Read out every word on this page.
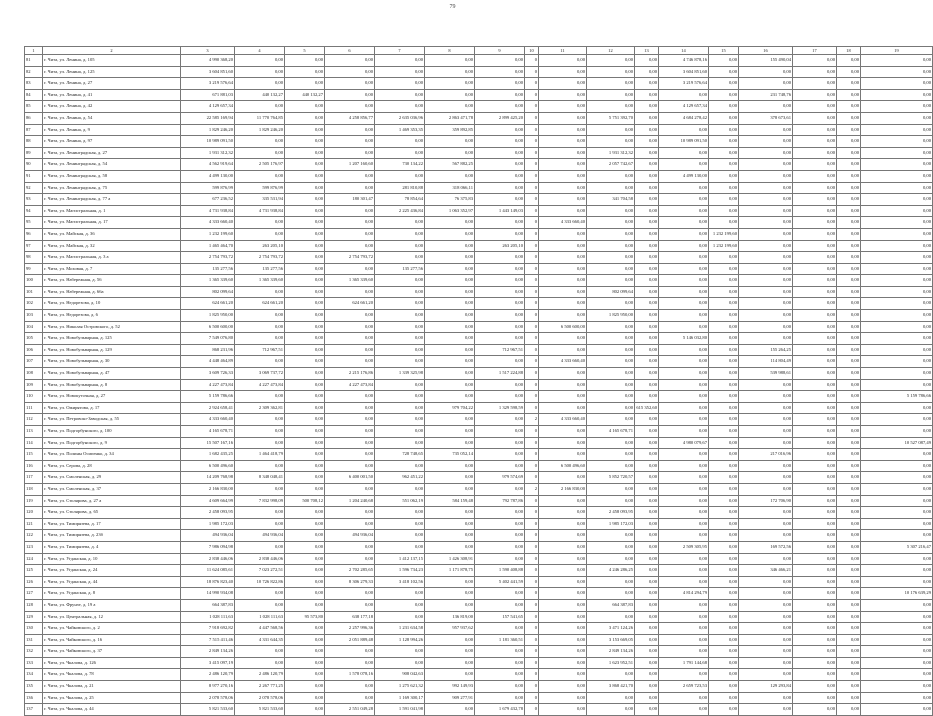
79
1	2	3	4	5	6	7	8	9	10	11	12	13	14	15	16	17	18	19
81	г. Чита, ул. Ленина, д. 105	4 990 368,20	0,00	0,00	0,00	0,00	0,00	0,00	0	0,00	0,00	0,00	4 746 878,16	0,00	155 490,04	0,00	0,00	0,00
82	г. Чита, ул. Ленина, д. 125	3 604 851,60	0,00	0,00	0,00	0,00	0,00	0,00	0	0,00	0,00	0,00	3 604 851,60	0,00	0,00	0,00	0,00	0,00
83	г. Чита, ул. Ленина, д. 27	3 219 576,64	0,00	0,00	0,00	0,00	0,00	0,00	0	0,00	0,00	0,00	3 219 576,64	0,00	0,00	0,00	0,00	0,00
84	г. Чита, ул. Ленина, д. 41	671 881,03	440 132,27	440 132,27	0,00	0,00	0,00	0,00	0	0,00	0,00	0,00	0,00	0,00	231 748,76	0,00	0,00	0,00
85	г. Чита, ул. Ленина, д. 42	4 129 657,34	0,00	0,00	0,00	0,00	0,00	0,00	0	0,00	0,00	0,00	4 129 657,34	0,00	0,00	0,00	0,00	0,00
86	г. Чита, ул. Ленина, д. 54	22 585 169,94	11 770 764,85	0,00	4 258 856,77	2 635 036,96	2 863 471,78	2 899 425,20	0	0,00	5 751 392,70	0,00	4 684 278,42	0,00	378 673,61	0,00	0,00	0,00
87	г. Чита, ул. Ленина, д. 9	1 829 246,20	1 829 246,20	0,00	0,00	1 469 353,35	359 892,85	0,00	0	0,00	0,00	0,00	0,00	0,00	0,00	0,00	0,00	0,00
88	г. Чита, ул. Ленина, д. 97	10 989 091,50	0,00	0,00	0,00	0,00	0,00	0,00	0	0,00	0,00	0,00	10 989 091,50	0,00	0,00	0,00	0,00	0,00
89	г. Чита, ул. Ленинградская, д. 27	1 931 312,32	0,00	0,00	0,00	0,00	0,00	0,00	0	0,00	1 931 312,32	0,00	0,00	0,00	0,00	0,00	0,00	0,00
90	г. Чита, ул. Ленинградская, д. 54	4 562 919,64	2 505 176,97	0,00	1 207 160,60	730 134,22	567 882,25	0,00	0	0,00	2 057 742,67	0,00	0,00	0,00	0,00	0,00	0,00	0,00
91	г. Чита, ул. Ленинградская, д. 58	4 499 130,00	0,00	0,00	0,00	0,00	0,00	0,00	0	0,00	0,00	0,00	4 499 130,00	0,00	0,00	0,00	0,00	0,00
92	г. Чита, ул. Ленинградская, д. 75	599 876,99	599 876,99	0,00	0,00	281 810,88	318 066,11	0,00	0	0,00	0,00	0,00	0,00	0,00	0,00	0,00	0,00	0,00
93	г. Чита, ул. Ленинградская, д. 77 а	677 236,52	335 531,94	0,00	180 301,47	78 854,64	76 375,83	0,00	0	0,00	341 704,58	0,00	0,00	0,00	0,00	0,00	0,00	0,00
94	г. Чита, ул. Магистральная, д. 1	4 731 938,84	4 731 938,84	0,00	0,00	2 225 436,84	1 063 352,97	1 443 149,03	0	0,00	0,00	0,00	0,00	0,00	0,00	0,00	0,00	0,00
95	г. Чита, ул. Магистральная, д. 17	4 333 660,40	0,00	0,00	0,00	0,00	0,00	0,00	0	4 333 660,40	0,00	0,00	0,00	0,00	0,00	0,00	0,00	0,00
96	г. Чита, ул. Майская, д. 36	1 232 199,60	0,00	0,00	0,00	0,00	0,00	0,00	0	0,00	0,00	0,00	0,00	1 232 199,60	0,00	0,00	0,00	0,00
97	г. Чита, ул. Майская, д. 32	1 465 464,70	263 205,10	0,00	0,00	0,00	0,00	263 205,10	0	0,00	0,00	0,00	0,00	1 232 199,60	0,00	0,00	0,00	0,00
98	г. Чита, ул. Магистральная, д. 3 а	2 754 793,72	2 754 793,72	0,00	2 754 793,72	0,00	0,00	0,00	0	0,00	0,00	0,00	0,00	0,00	0,00	0,00	0,00	0,00
99	г. Чита, ул. Моховая, д. 7	135 277,56	135 277,56	0,00	0,00	135 277,56	0,00	0,00	0	0,00	0,00	0,00	0,00	0,00	0,00	0,00	0,00	0,00
100	г. Чита, ул. Набережная, д. 56	1 365 339,60	1 365 339,60	0,00	1 365 339,60	0,00	0,00	0,00	0	0,00	0,00	0,00	0,00	0,00	0,00	0,00	0,00	0,00
101	г. Чита, ул. Набережная, д. 66а	802 099,64	0,00	0,00	0,00	0,00	0,00	0,00	0	0,00	802 099,64	0,00	0,00	0,00	0,00	0,00	0,00	0,00
102	г. Чита, ул. Недорезова, д. 10	624 661,20	624 661,20	0,00	624 661,20	0,00	0,00	0,00	0	0,00	0,00	0,00	0,00	0,00	0,00	0,00	0,00	0,00
103	г. Чита, ул. Недорезова, д. 6	1 825 950,00	0,00	0,00	0,00	0,00	0,00	0,00	0	0,00	1 825 950,00	0,00	0,00	0,00	0,00	0,00	0,00	0,00
104	г. Чита, ул. Николая Островского, д. 52	6 500 600,00	0,00	0,00	0,00	0,00	0,00	0,00	0	6 500 600,00	0,00	0,00	0,00	0,00	0,00	0,00	0,00	0,00
105	г. Чита, ул. Новобульварная, д. 125	7 549 076,80	0,00	0,00	0,00	0,00	0,00	0,00	0	0,00	0,00	0,00	5 146 032,80	0,00	0,00	0,00	0,00	0,00
106	г. Чита, ул. Новобульварная, д. 129	868 231,96	712 967,51	0,00	0,00	0,00	0,00	712 967,51	0	0,00	0,00	0,00	0,00	0,00	155 264,25	0,00	0,00	0,00
107	г. Чита, ул. Новобульварная, д. 30	4 448 464,89	0,00	0,00	0,00	0,00	0,00	0,00	0	4 333 660,40	0,00	0,00	0,00	0,00	114 804,49	0,00	0,00	0,00
108	г. Чита, ул. Новобульварная, д. 47	3 609 726,33	3 069 737,72	0,00	2 215 176,86	1 339 325,98	0,00	1 517 224,88	0	0,00	0,00	0,00	0,00	0,00	539 988,61	0,00	0,00	0,00
109	г. Чита, ул. Новобульварная, д. 8	4 227 473,84	4 227 473,84	0,00	4 227 473,84	0,00	0,00	0,00	0	0,00	0,00	0,00	0,00	0,00	0,00	0,00	0,00	0,00
110	г. Чита, ул. Новокуточная, д. 27	5 159 786,66	0,00	0,00	0,00	0,00	0,00	0,00	0	0,00	0,00	0,00	0,00	0,00	0,00	0,00	0,00	5 159 786,66
111	г. Чита, ул. Ожирятова, д. 17	2 924 658,41	2 309 362,81	0,00	0,00	0,00	979 704,22	1 329 598,59	0	0,00	0,00	615 352,60	0,00	0,00	0,00	0,00	0,00	0,00
112	г. Чита, ул. Петровско-Заводская, д. 55	4 333 660,40	0,00	0,00	0,00	0,00	0,00	0,00	2	4 333 660,40	0,00	0,00	0,00	0,00	0,00	0,00	0,00	0,00
113	г. Чита, ул. Подгорбунского, д. 100	4 165 678,71	0,00	0,00	0,00	0,00	0,00	0,00	0	0,00	4 165 678,71	0,00	0,00	0,00	0,00	0,00	0,00	0,00
114	г. Чита, ул. Подгорбунского, д. 9	15 507 167,16	0,00	0,00	0,00	0,00	0,00	0,00	0	0,00	0,00	0,00	4 980 079,67	0,00	0,00	0,00	0,00	10 527 087,49
115	г. Чита, ул. Полины Осипенко, д. 34	1 682 435,25	1 464 418,79	0,00	0,00	728 748,65	735 052,14	0,00	0	0,00	0,00	0,00	0,00	0,00	217 016,96	0,00	0,00	0,00
116	г. Чита, ул. Серова, д. 28	6 500 496,60	0,00	0,00	0,00	0,00	0,00	0,00	0	6 500 496,60	0,00	0,00	0,00	0,00	0,00	0,00	0,00	0,00
117	г. Чита, ул. Смоленская, д. 29	14 209 768,98	8 348 048,41	0,00	6 400 001,50	962 451,22	0,00	979 574,69	0	0,00	5 852 720,57	0,00	0,00	0,00	0,00	0,00	0,00	0,00
118	г. Чита, ул. Смоленская, д. 37	2 166 830,00	0,00	0,00	0,00	0,00	0,00	0,00	2	2 166 830,00	0,00	0,00	0,00	0,00	0,00	0,00	0,00	0,00
119	г. Чита, ул. Столярова, д. 27 а	4 609 664,99	7 832 998,09	500 708,12	1 204 240,68	551 062,19	584 159,48	792 787,86	0	0,00	0,00	0,00	0,00	0,00	172 706,90	0,00	0,00	0,00
120	г. Чита, ул. Столярова, д. 65	2 458 093,95	0,00	0,00	0,00	0,00	0,00	0,00	0	0,00	2 458 093,95	0,00	0,00	0,00	0,00	0,00	0,00	0,00
121	г. Чита, ул. Тимирязева, д. 17	1 985 172,03	0,00	0,00	0,00	0,00	0,00	0,00	0	0,00	1 985 172,03	0,00	0,00	0,00	0,00	0,00	0,00	0,00
122	г. Чита, ул. Тимирязева, д. 23б	494 936,04	494 936,04	0,00	494 936,04	0,00	0,00	0,00	0	0,00	0,00	0,00	0,00	0,00	0,00	0,00	0,00	0,00
123	г. Чита, ул. Тимирязева, д. 4	7 986 094,98	0,00	0,00	0,00	0,00	0,00	0,00	0	0,00	0,00	0,00	2 509 305,95	0,00	169 572,56	0,00	0,00	5 307 216,47
124	г. Чита, ул. Угданская, д. 10	2 838 446,06	2 838 446,06	0,00	0,00	1 412 137,15	1 426 308,91	0,00	0	0,00	0,00	0,00	0,00	0,00	0,00	0,00	0,00	0,00
125	г. Чита, ул. Угданская, д. 24	11 624 085,61	7 023 272,51	0,00	2 702 285,65	1 596 734,23	1 171 878,75	1 590 408,88	0	0,00	4 246 286,25	0,00	0,00	0,00	346 466,21	0,00	0,00	0,00
126	г. Чита, ул. Угданская, д. 44	18 876 823,40	10 726 822,86	0,00	8 306 279,33	3 418 102,56	0,00	5 402 441,59	0	0,00	0,00	0,00	0,00	0,00	0,00	0,00	0,00	0,00
127	г. Чита, ул. Угданская, д. 8	14 990 934,08	0,00	0,00	0,00	0,00	0,00	0,00	0	0,00	0,00	0,00	4 814 294,79	0,00	0,00	0,00	0,00	10 176 639,29
128	г. Чита, ул. Фрунзе, д. 19 а	664 387,83	0,00	0,00	0,00	0,00	0,00	0,00	0	0,00	664 387,83	0,00	0,00	0,00	0,00	0,00	0,00	0,00
129	г. Чита, ул. Центральная, д. 12	1 028 111,63	1 028 111,63	95 573,80	638 177,18	0,00	136 819,00	157 541,65	0	0,00	0,00	0,00	0,00	0,00	0,00	0,00	0,00	0,00
130	г. Чита, ул. Чайковского, д. 2	7 918 692,82	4 447 568,56	0,00	2 257 996,36	1 231 634,58	957 937,62	0,00	0	0,00	3 471 124,26	0,00	0,00	0,00	0,00	0,00	0,00	0,00
131	г. Чита, ул. Чайковского, д. 16	7 515 411,46	4 331 644,35	0,00	2 051 889,48	1 128 994,26	0,00	1 181 360,51	0	0,00	3 153 669,05	0,00	0,00	0,00	0,00	0,00	0,00	0,00
132	г. Чита, ул. Чайковского, д. 37	2 849 134,26	0,00	0,00	0,00	0,00	0,00	0,00	0	0,00	2 849 134,26	0,00	0,00	0,00	0,00	0,00	0,00	0,00
133	г. Чита, ул. Чкалова, д. 126	3 415 097,19	0,00	0,00	0,00	0,00	0,00	0,00	0	0,00	1 623 952,51	0,00	1 791 144,68	0,00	0,00	0,00	0,00	0,00
134	г. Чита, ул. Чкалова, д. 78	2 486 120,79	2 486 120,79	0,00	1 578 078,16	908 042,63	0,00	0,00	0	0,00	0,00	0,00	0,00	0,00	0,00	0,00	0,00	0,00
135	г. Чита, ул. Чкалова, д. 21	8 977 270,16	2 267 771,25	0,00	0,00	1 275 621,32	992 149,93	0,00	0	0,00	3 868 421,70	0,00	2 659 723,53	0,00	129 293,84	0,00	0,00	0,00
136	г. Чита, ул. Чкалова, д. 25	2 078 578,06	2 078 578,06	0,00	0,00	1 169 300,17	909 277,91	0,00	0	0,00	0,00	0,00	0,00	0,00	0,00	0,00	0,00	0,00
137	г. Чита, ул. Чкалова, д. 44	5 821 533,60	5 821 533,60	0,00	2 551 049,28	1 591 041,98	0,00	1 679 432,78	0	0,00	0,00	0,00	0,00	0,00	0,00	0,00	0,00	0,00
